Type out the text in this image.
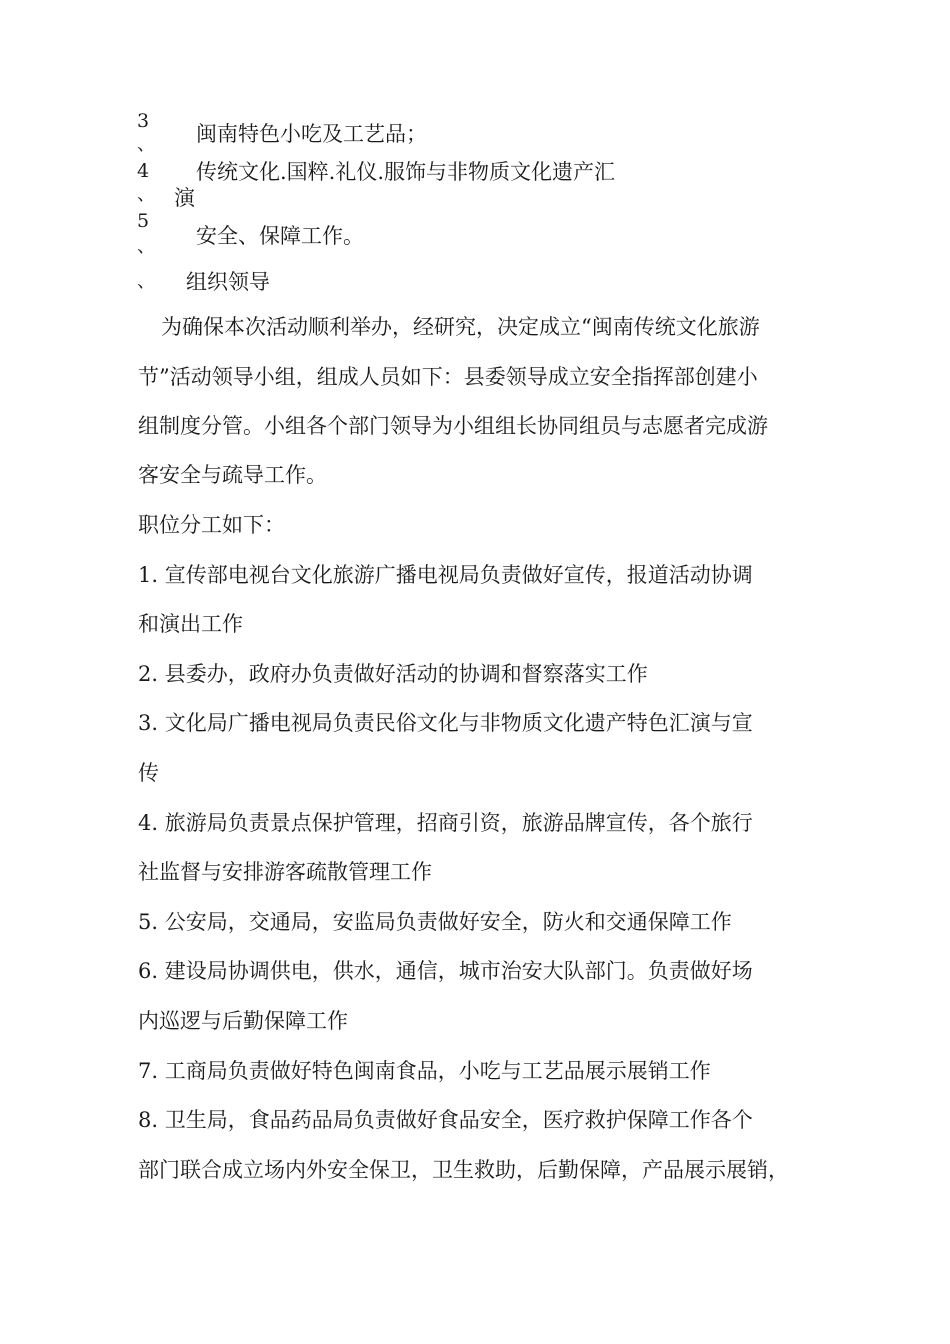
3
、 闽南特色小吃及工艺品；
4
、
传统文化.国粹.礼仪.服饰与非物质文化遗产汇
演
5
、 安全、保障工作。
、 组织领导
为确保本次活动顺利举办，经研究，决定成立“闽南传统文化旅游
节”活动领导小组，组成人员如下：县委领导成立安全指挥部创建小
组制度分管。小组各个部门领导为小组组长协同组员与志愿者完成游
客安全与疏导工作。
职位分工如下：
1. 宣传部电视台文化旅游广播电视局负责做好宣传，报道活动协调
和演出工作
2. 县委办，政府办负责做好活动的协调和督察落实工作
3. 文化局广播电视局负责民俗文化与非物质文化遗产特色汇演与宣
传
4. 旅游局负责景点保护管理，招商引资，旅游品牌宣传，各个旅行
社监督与安排游客疏散管理工作
5. 公安局，交通局，安监局负责做好安全，防火和交通保障工作
6. 建设局协调供电，供水，通信，城市治安大队部门。负责做好场
内巡逻与后勤保障工作
7. 工商局负责做好特色闽南食品，小吃与工艺品展示展销工作
8. 卫生局，食品药品局负责做好食品安全，医疗救护保障工作各个
部门联合成立场内外安全保卫，卫生救助，后勤保障，产品展示展销，
